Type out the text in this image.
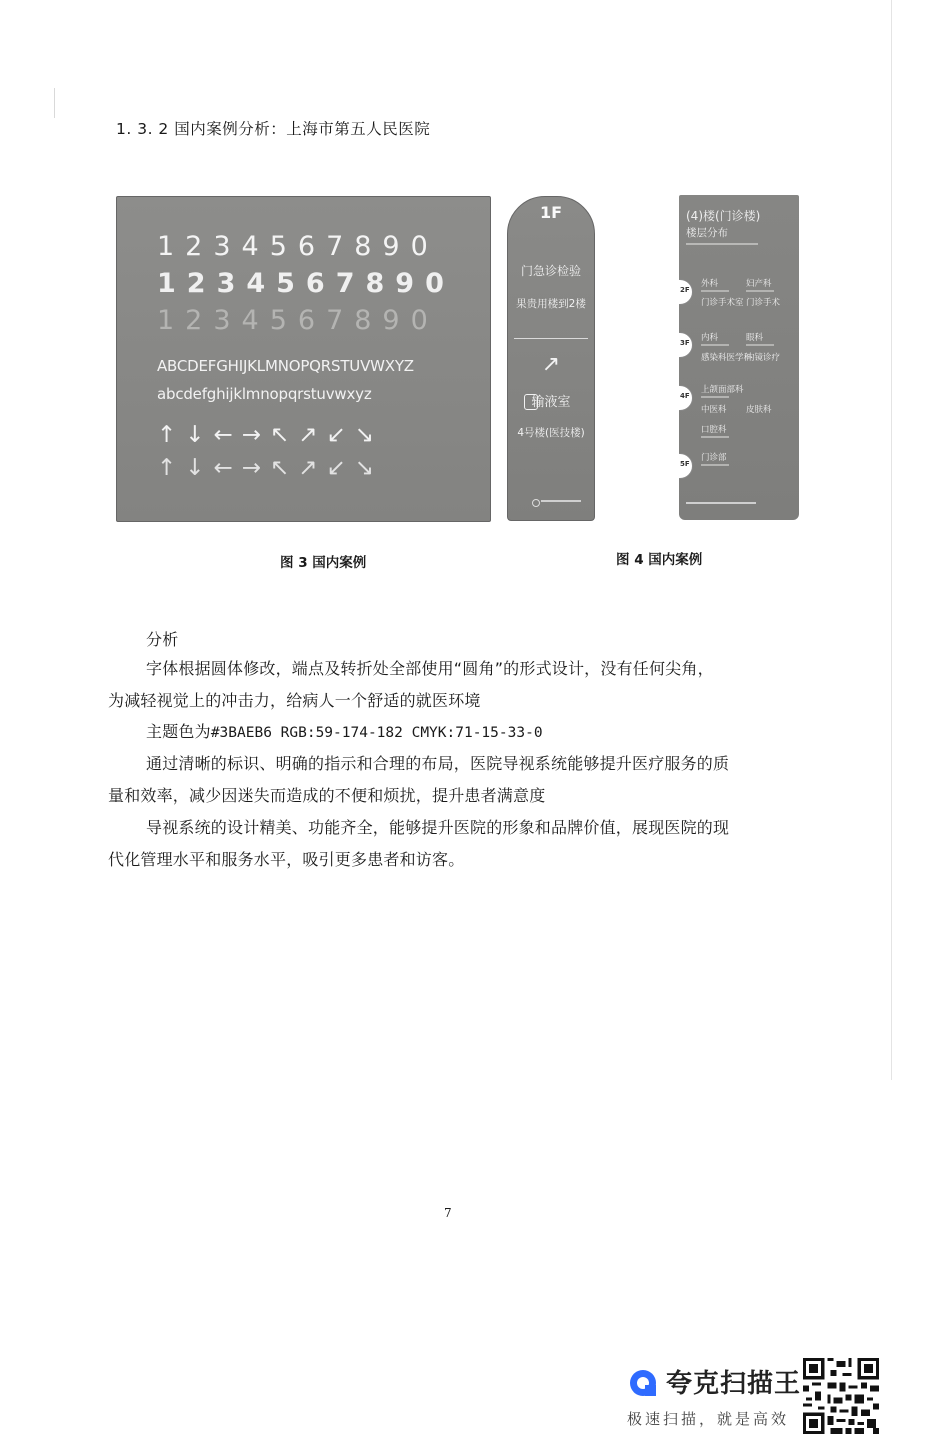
1. 3. 2 国内案例分析：上海市第五人民医院
1234567890
1234567890
1234567890
ABCDEFGHIJKLMNOPQRSTUVWXYZ
abcdefghijklmnopqrstuvwxyz
↑↓←→↖↗↙↘
↑↓←→↖↗↙↘
1F
门急诊检验
果贵用楼到2楼
↗
输液室
4号楼(医技楼)
(4)楼(门诊楼)
楼层分布
2F
3F
4F
5F
外科	妇产科
门诊手术室 门诊手术
内科	眼科
感染科医学科
内镜诊疗
上颌面部科
中医科 皮肤科
口腔科
门诊部
图 3 国内案例	图 4 国内案例
分析
字体根据圆体修改，端点及转折处全部使用“圆角”的形式设计，没有任何尖角，
为减轻视觉上的冲击力，给病人一个舒适的就医环境
主题色为#3BAEB6 RGB:59-174-182 CMYK:71-15-33-0
通过清晰的标识、明确的指示和合理的布局，医院导视系统能够提升医疗服务的质
量和效率，减少因迷失而造成的不便和烦扰，提升患者满意度
导视系统的设计精美、功能齐全，能够提升医院的形象和品牌价值，展现医院的现
代化管理水平和服务水平，吸引更多患者和访客。
7
夸克扫描王
极速扫描，就是高效
